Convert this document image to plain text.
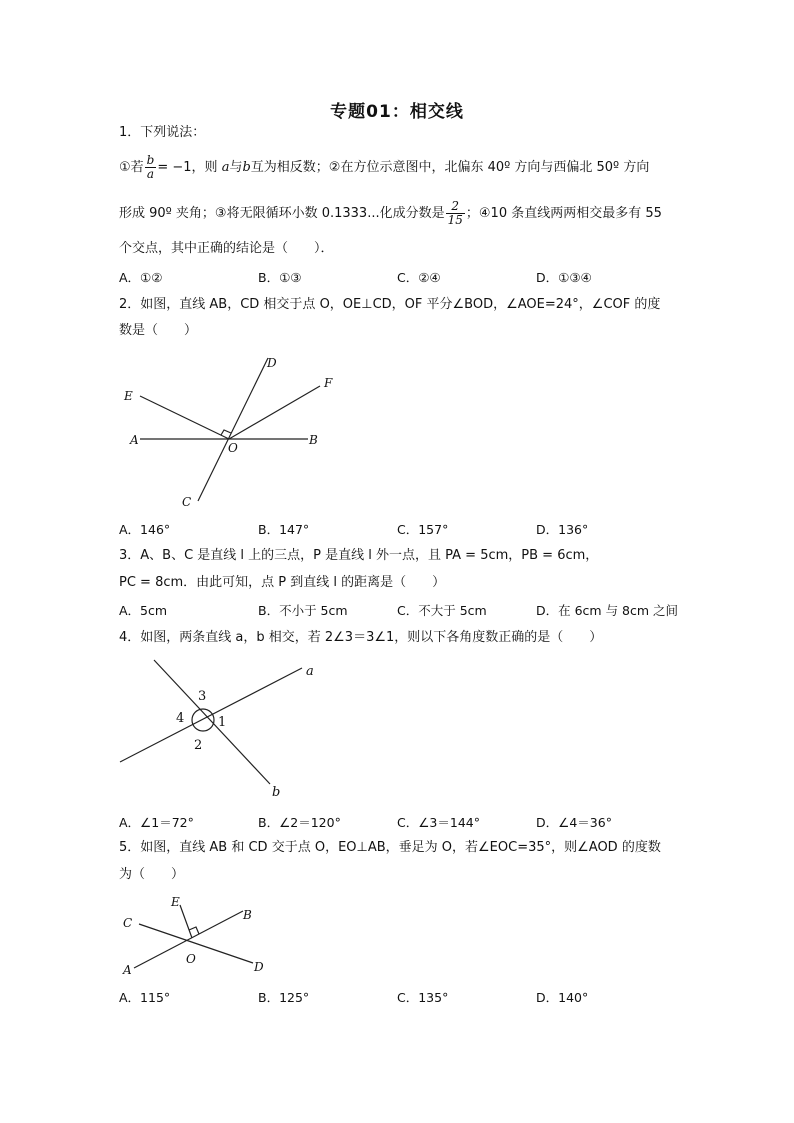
专题01：相交线
1．下列说法：
①若 $\frac{b}{a} = -1$，则 a与b互为相反数；②在方位示意图中，北偏东 40º 方向与西偏北 50º 方向
形成 90º 夹角；③将无限循环小数 0.1333...化成分数是 $\frac{2}{15}$ ；④10 条直线两两相交最多有 55
个交点，其中正确的结论是（　　）．
A．①②	B．①③	C．②④	D．①③④
2．如图，直线 AB，CD 相交于点 O，OE⊥CD，OF 平分∠BOD，∠AOE=24°，∠COF 的度
数是（　　）
D
F
E
A
O
B
C
A．146°	B．147°	C．157°	D．136°
3．A、B、C 是直线 l 上的三点，P 是直线 l 外一点，且 PA = 5cm，PB = 6cm，
PC = 8cm．由此可知，点 P 到直线 l 的距离是（　　）
A．5cm	B．不小于 5cm	C．不大于 5cm	D．在 6cm 与 8cm 之间
4．如图，两条直线 a，b 相交，若 2∠3＝3∠1，则以下各角度数正确的是（　　）
a
b
1
2
3
4
A．∠1＝72°	B．∠2＝120°	C．∠3＝144°	D．∠4＝36°
5．如图，直线 AB 和 CD 交于点 O，EO⊥AB，垂足为 O，若∠EOC=35°，则∠AOD 的度数
为（　　）
C
E
B
A
O
D
A．115°	B．125°	C．135°	D．140°
